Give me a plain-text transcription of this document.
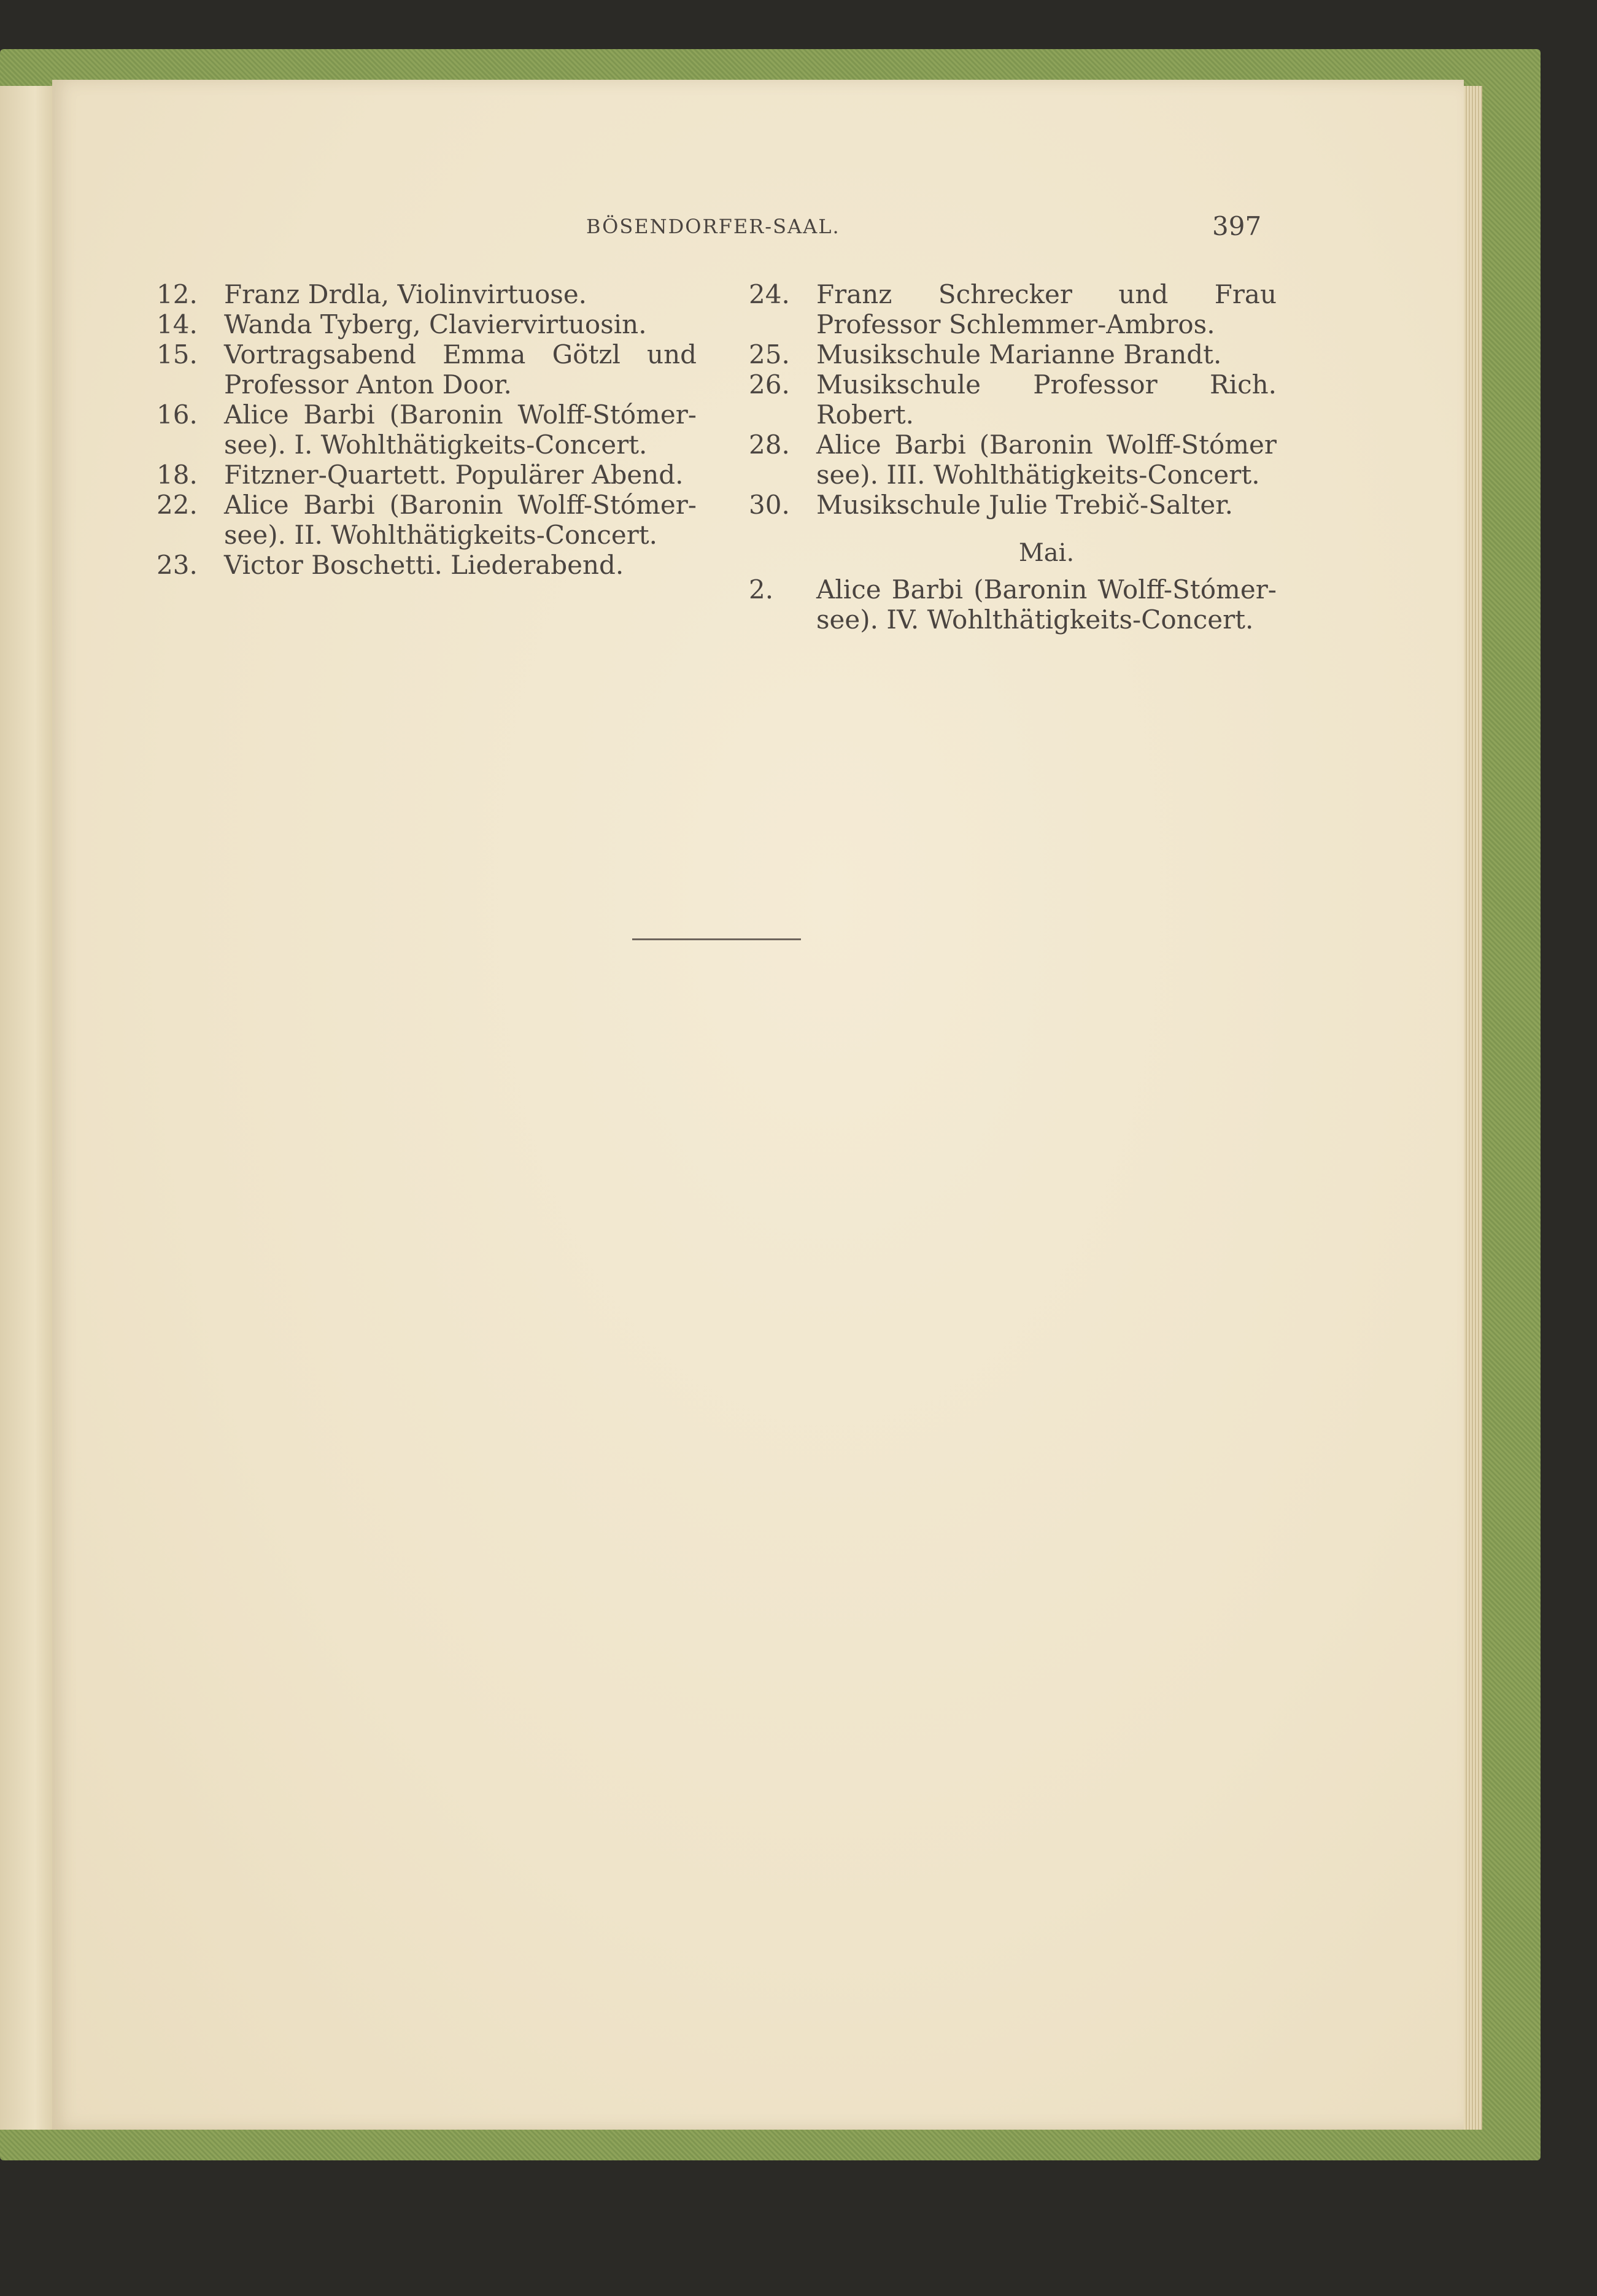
BÖSENDORFER-SAAL.	397
12.	Franz Drdla, Violinvirtuose.
14.	Wanda Tyberg, Claviervirtuosin.
15.	Vortragsabend Emma Götzl und Professor Anton Door.
16.	Alice Barbi (Baronin Wolff-Stómer-see). I. Wohlthätigkeits-Concert.
18.	Fitzner-Quartett. Populärer Abend.
22.	Alice Barbi (Baronin Wolff-Stómer-see). II. Wohlthätigkeits-Concert.
23.	Victor Boschetti. Liederabend.
24.	Franz Schrecker und Frau Professor Schlemmer-Ambros.
25.	Musikschule Marianne Brandt.
26.	Musikschule Professor Rich. Robert.
28.	Alice Barbi (Baronin Wolff-Stómer see). III. Wohlthätigkeits-Concert.
30.	Musikschule Julie Trebič-Salter.
Mai.
2.	Alice Barbi (Baronin Wolff-Stómer-see). IV. Wohlthätigkeits-Concert.
